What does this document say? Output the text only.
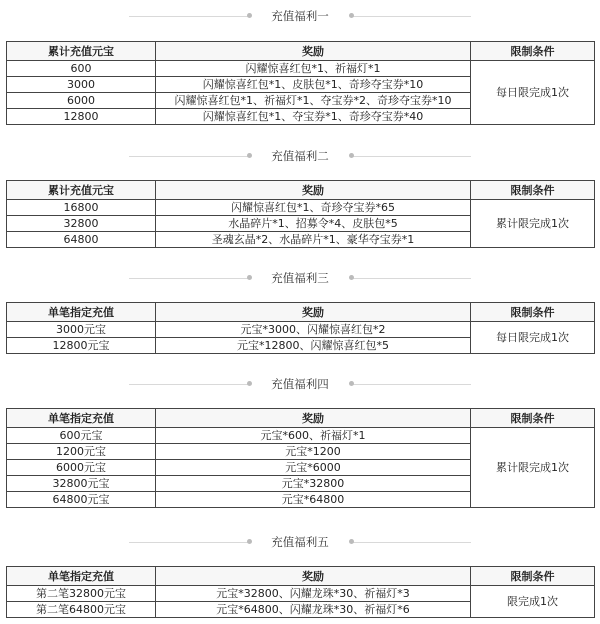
充值福利一
累计充值元宝	奖励	限制条件
600	闪耀惊喜红包*1、祈福灯*1	每日限完成1次
3000	闪耀惊喜红包*1、皮肤包*1、奇珍夺宝券*10	
6000	闪耀惊喜红包*1、祈福灯*1、夺宝券*2、奇珍夺宝券*10	
12800	闪耀惊喜红包*1、夺宝券*1、奇珍夺宝券*40	
充值福利二
累计充值元宝	奖励	限制条件
16800	闪耀惊喜红包*1、奇珍夺宝券*65	累计限完成1次
32800	水晶碎片*1、招募令*4、皮肤包*5	
64800	圣魂玄晶*2、水晶碎片*1、豪华夺宝券*1	
充值福利三
单笔指定充值	奖励	限制条件
3000元宝	元宝*3000、闪耀惊喜红包*2	每日限完成1次
12800元宝	元宝*12800、闪耀惊喜红包*5	
充值福利四
单笔指定充值	奖励	限制条件
600元宝	元宝*600、祈福灯*1	累计限完成1次
1200元宝	元宝*1200	
6000元宝	元宝*6000	
32800元宝	元宝*32800	
64800元宝	元宝*64800	
充值福利五
单笔指定充值	奖励	限制条件
第二笔32800元宝	元宝*32800、闪耀龙珠*30、祈福灯*3	限完成1次
第二笔64800元宝	元宝*64800、闪耀龙珠*30、祈福灯*6	
